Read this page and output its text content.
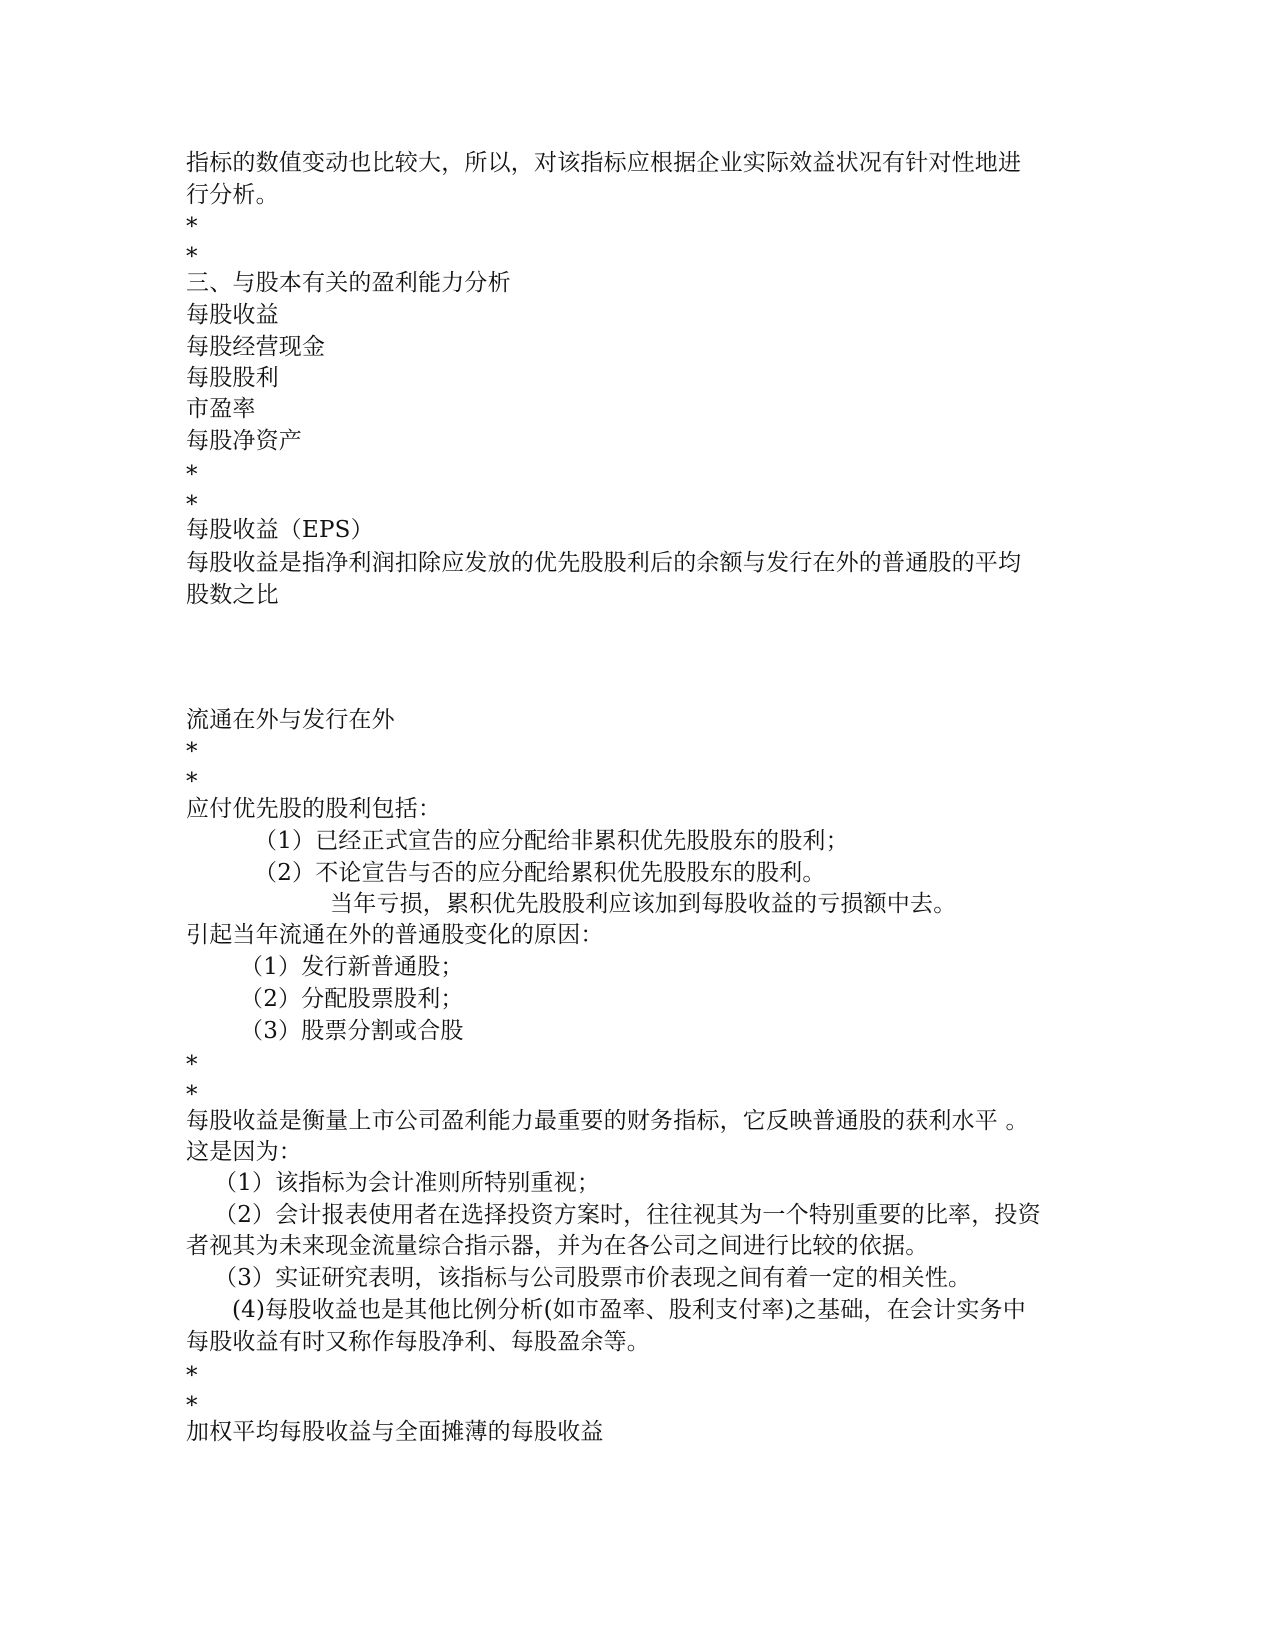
指标的数值变动也比较大，所以，对该指标应根据企业实际效益状况有针对性地进
行分析。
*
*
三、与股本有关的盈利能力分析
每股收益
每股经营现金
每股股利
市盈率
每股净资产
*
*
每股收益（EPS）
每股收益是指净利润扣除应发放的优先股股利后的余额与发行在外的普通股的平均
股数之比
流通在外与发行在外
*
*
应付优先股的股利包括：
（1）已经正式宣告的应分配给非累积优先股股东的股利；
（2）不论宣告与否的应分配给累积优先股股东的股利。
当年亏损，累积优先股股利应该加到每股收益的亏损额中去。
引起当年流通在外的普通股变化的原因：
（1）发行新普通股；
（2）分配股票股利；
（3）股票分割或合股
*
*
每股收益是衡量上市公司盈利能力最重要的财务指标，它反映普通股的获利水平 。
这是因为：
（1）该指标为会计准则所特别重视；
（2）会计报表使用者在选择投资方案时，往往视其为一个特别重要的比率，投资
者视其为未来现金流量综合指示器，并为在各公司之间进行比较的依据。
（3）实证研究表明，该指标与公司股票市价表现之间有着一定的相关性。
(4)每股收益也是其他比例分析(如市盈率、股利支付率)之基础，在会计实务中
每股收益有时又称作每股净利、每股盈余等。
*
*
加权平均每股收益与全面摊薄的每股收益
